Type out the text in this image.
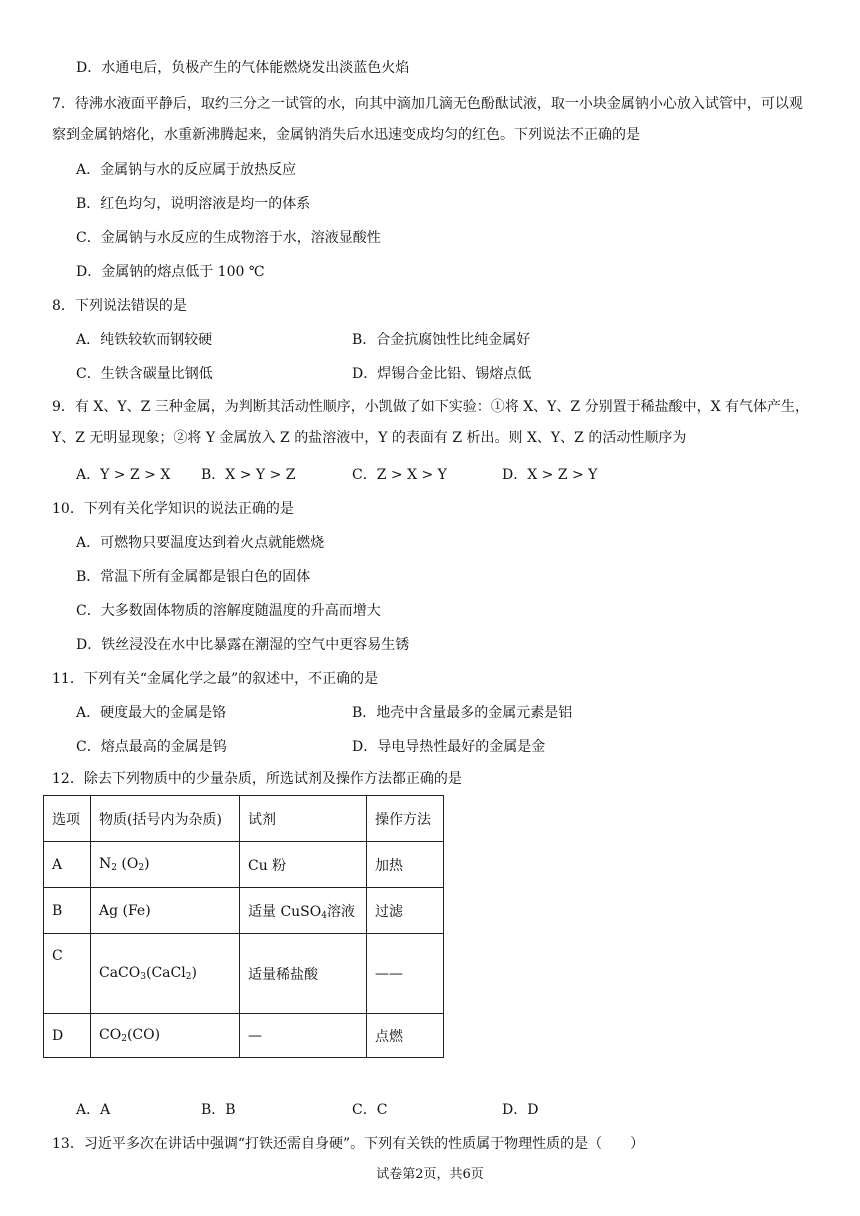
D．水通电后，负极产生的气体能燃烧发出淡蓝色火焰
7．待沸水液面平静后，取约三分之一试管的水，向其中滴加几滴无色酚酞试液，取一小块金属钠小心放入试管中，可以观察到金属钠熔化，水重新沸腾起来，金属钠消失后水迅速变成均匀的红色。下列说法不正确的是
A．金属钠与水的反应属于放热反应
B．红色均匀，说明溶液是均一的体系
C．金属钠与水反应的生成物溶于水，溶液显酸性
D．金属钠的熔点低于 100 ℃
8．下列说法错误的是
A．纯铁较软而钢较硬	B．合金抗腐蚀性比纯金属好
C．生铁含碳量比钢低	D．焊锡合金比铅、锡熔点低
9．有 X、Y、Z 三种金属，为判断其活动性顺序，小凯做了如下实验：①将 X、Y、Z 分别置于稀盐酸中，X 有气体产生，Y、Z 无明显现象；②将 Y 金属放入 Z 的盐溶液中，Y 的表面有 Z 析出。则 X、Y、Z 的活动性顺序为
A．Y > Z > X B．X > Y > Z	C．Z > X > Y	D．X > Z > Y
10．下列有关化学知识的说法正确的是
A．可燃物只要温度达到着火点就能燃烧
B．常温下所有金属都是银白色的固体
C．大多数固体物质的溶解度随温度的升高而增大
D．铁丝浸没在水中比暴露在潮湿的空气中更容易生锈
11．下列有关“金属化学之最”的叙述中，不正确的是
A．硬度最大的金属是铬	B．地壳中含量最多的金属元素是铝
C．熔点最高的金属是钨	D．导电导热性最好的金属是金
12．除去下列物质中的少量杂质，所选试剂及操作方法都正确的是
选项	物质(括号内为杂质)	试剂	操作方法
A	$N_2$ $(O_2)$	Cu 粉	加热
B	Ag (Fe)	适量 CuSO$_4$溶液	过滤
C	CaCO$_3$(CaCl$_2$)	适量稀盐酸	——
D	$CO_2(CO)$	—	点燃
A．A	B．B	C．C	D．D
13．习近平多次在讲话中强调“打铁还需自身硬”。下列有关铁的性质属于物理性质的是（　　）
试卷第2页，共6页
